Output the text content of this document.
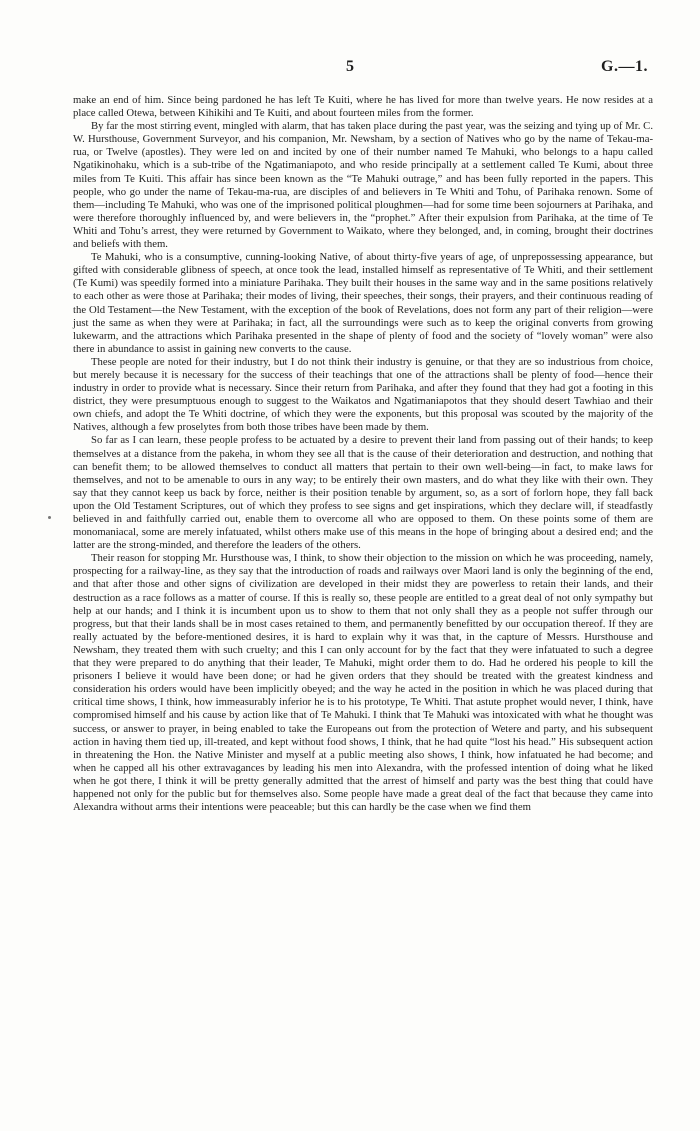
5	G.—1.

make an end of him. Since being pardoned he has left Te Kuiti, where he has lived for more than twelve years. He now resides at a place called Otewa, between Kihikihi and Te Kuiti, and about fourteen miles from the former.

By far the most stirring event, mingled with alarm, that has taken place during the past year, was the seizing and tying up of Mr. C. W. Hursthouse, Government Surveyor, and his companion, Mr. Newsham, by a section of Natives who go by the name of Tekau-ma-rua, or Twelve (apostles). They were led on and incited by one of their number named Te Mahuki, who belongs to a hapu called Ngatikinohaku, which is a sub-tribe of the Ngatimaniapoto, and who reside principally at a settlement called Te Kumi, about three miles from Te Kuiti. This affair has since been known as the “Te Mahuki outrage,” and has been fully reported in the papers. This people, who go under the name of Tekau-ma-rua, are disciples of and believers in Te Whiti and Tohu, of Parihaka renown. Some of them—including Te Mahuki, who was one of the imprisoned political ploughmen—had for some time been sojourners at Parihaka, and were therefore thoroughly influenced by, and were believers in, the “prophet.” After their expulsion from Parihaka, at the time of Te Whiti and Tohu’s arrest, they were returned by Government to Waikato, where they belonged, and, in coming, brought their doctrines and beliefs with them.

Te Mahuki, who is a consumptive, cunning-looking Native, of about thirty-five years of age, of unprepossessing appearance, but gifted with considerable glibness of speech, at once took the lead, installed himself as representative of Te Whiti, and their settlement (Te Kumi) was speedily formed into a miniature Parihaka. They built their houses in the same way and in the same positions relatively to each other as were those at Parihaka; their modes of living, their speeches, their songs, their prayers, and their continuous reading of the Old Testament—the New Testament, with the exception of the book of Revelations, does not form any part of their religion—were just the same as when they were at Parihaka; in fact, all the surroundings were such as to keep the original converts from growing lukewarm, and the attractions which Parihaka presented in the shape of plenty of food and the society of “lovely woman” were also there in abundance to assist in gaining new converts to the cause.

These people are noted for their industry, but I do not think their industry is genuine, or that they are so industrious from choice, but merely because it is necessary for the success of their teachings that one of the attractions shall be plenty of food—hence their industry in order to provide what is necessary. Since their return from Parihaka, and after they found that they had got a footing in this district, they were presumptuous enough to suggest to the Waikatos and Ngatimaniapotos that they should desert Tawhiao and their own chiefs, and adopt the Te Whiti doctrine, of which they were the exponents, but this proposal was scouted by the majority of the Natives, although a few proselytes from both those tribes have been made by them.

So far as I can learn, these people profess to be actuated by a desire to prevent their land from passing out of their hands; to keep themselves at a distance from the pakeha, in whom they see all that is the cause of their deterioration and destruction, and nothing that can benefit them; to be allowed themselves to conduct all matters that pertain to their own well-being—in fact, to make laws for themselves, and not to be amenable to ours in any way; to be entirely their own masters, and do what they like with their own. They say that they cannot keep us back by force, neither is their position tenable by argument, so, as a sort of forlorn hope, they fall back upon the Old Testament Scriptures, out of which they profess to see signs and get inspirations, which they declare will, if steadfastly believed in and faithfully carried out, enable them to overcome all who are opposed to them. On these points some of them are monomaniacal, some are merely infatuated, whilst others make use of this means in the hope of bringing about a desired end; and the latter are the strong-minded, and therefore the leaders of the others.

Their reason for stopping Mr. Hursthouse was, I think, to show their objection to the mission on which he was proceeding, namely, prospecting for a railway-line, as they say that the introduction of roads and railways over Maori land is only the beginning of the end, and that after those and other signs of civilization are developed in their midst they are powerless to retain their lands, and their destruction as a race follows as a matter of course. If this is really so, these people are entitled to a great deal of not only sympathy but help at our hands; and I think it is incumbent upon us to show to them that not only shall they as a people not suffer through our progress, but that their lands shall be in most cases retained to them, and permanently benefitted by our occupation thereof. If they are really actuated by the before-mentioned desires, it is hard to explain why it was that, in the capture of Messrs. Hursthouse and Newsham, they treated them with such cruelty; and this I can only account for by the fact that they were infatuated to such a degree that they were prepared to do anything that their leader, Te Mahuki, might order them to do. Had he ordered his people to kill the prisoners I believe it would have been done; or had he given orders that they should be treated with the greatest kindness and consideration his orders would have been implicitly obeyed; and the way he acted in the position in which he was placed during that critical time shows, I think, how immeasurably inferior he is to his prototype, Te Whiti. That astute prophet would never, I think, have compromised himself and his cause by action like that of Te Mahuki. I think that Te Mahuki was intoxicated with what he thought was success, or answer to prayer, in being enabled to take the Europeans out from the protection of Wetere and party, and his subsequent action in having them tied up, ill-treated, and kept without food shows, I think, that he had quite “lost his head.” His subsequent action in threatening the Hon. the Native Minister and myself at a public meeting also shows, I think, how infatuated he had become; and when he capped all his other extravagances by leading his men into Alexandra, with the professed intention of doing what he liked when he got there, I think it will be pretty generally admitted that the arrest of himself and party was the best thing that could have happened not only for the public but for themselves also. Some people have made a great deal of the fact that because they came into Alexandra without arms their intentions were peaceable; but this can hardly be the case when we find them
